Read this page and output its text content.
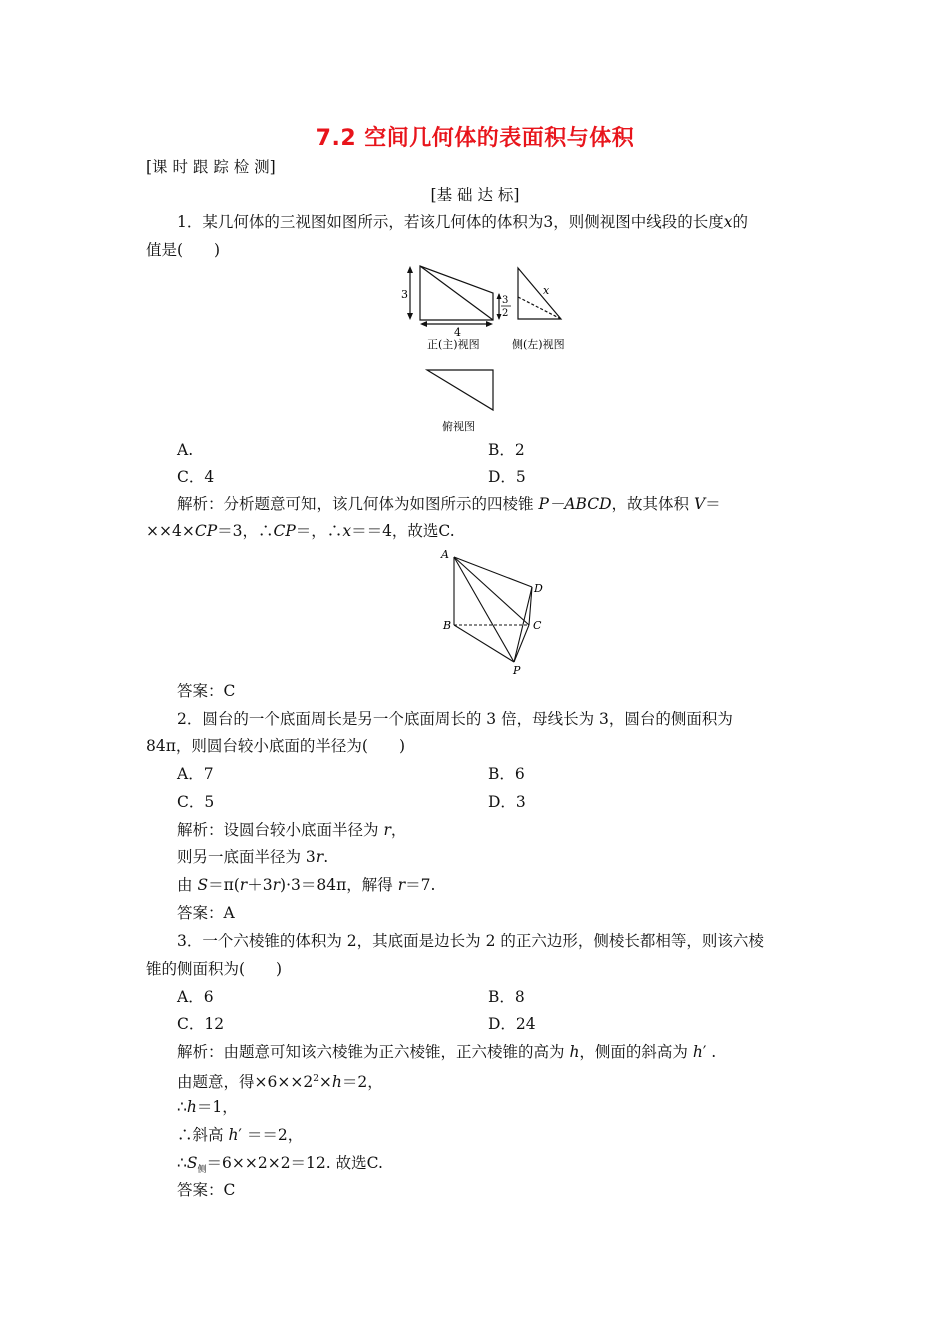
7.2 空间几何体的表面积与体积
[课 时 跟 踪 检 测]
[基 础 达 标]
1．某几何体的三视图如图所示，若该几何体的体积为3，则侧视图中线段的长度x的
值是(　　)
3
4
3
2
x
正(主)视图	侧(左)视图
俯视图
A.	B．2
C．4	D．5
解析：分析题意可知，该几何体为如图所示的四棱锥 P－ABCD，故其体积 V＝
××4×CP＝3，∴CP＝，∴x＝＝4，故选C.
A
D
B	C
P
答案：C
2．圆台的一个底面周长是另一个底面周长的 3 倍，母线长为 3，圆台的侧面积为
84π，则圆台较小底面的半径为(　　)
A．7	B．6
C．5	D．3
解析：设圆台较小底面半径为 r，
则另一底面半径为 3r.
由 S＝π(r＋3r)·3＝84π，解得 r＝7.
答案：A
3．一个六棱锥的体积为 2，其底面是边长为 2 的正六边形，侧棱长都相等，则该六棱
锥的侧面积为(　　)
A．6	B．8
C．12	D．24
解析：由题意可知该六棱锥为正六棱锥，正六棱锥的高为 h，侧面的斜高为 h′ .
由题意，得$\times 6\times\times 2^2\times h=2$，
∴h＝1，
∴斜高 h′ ＝＝2，
$\therefore S_侧=6\times\times 2\times 2=12$. 故选C.
答案：C
